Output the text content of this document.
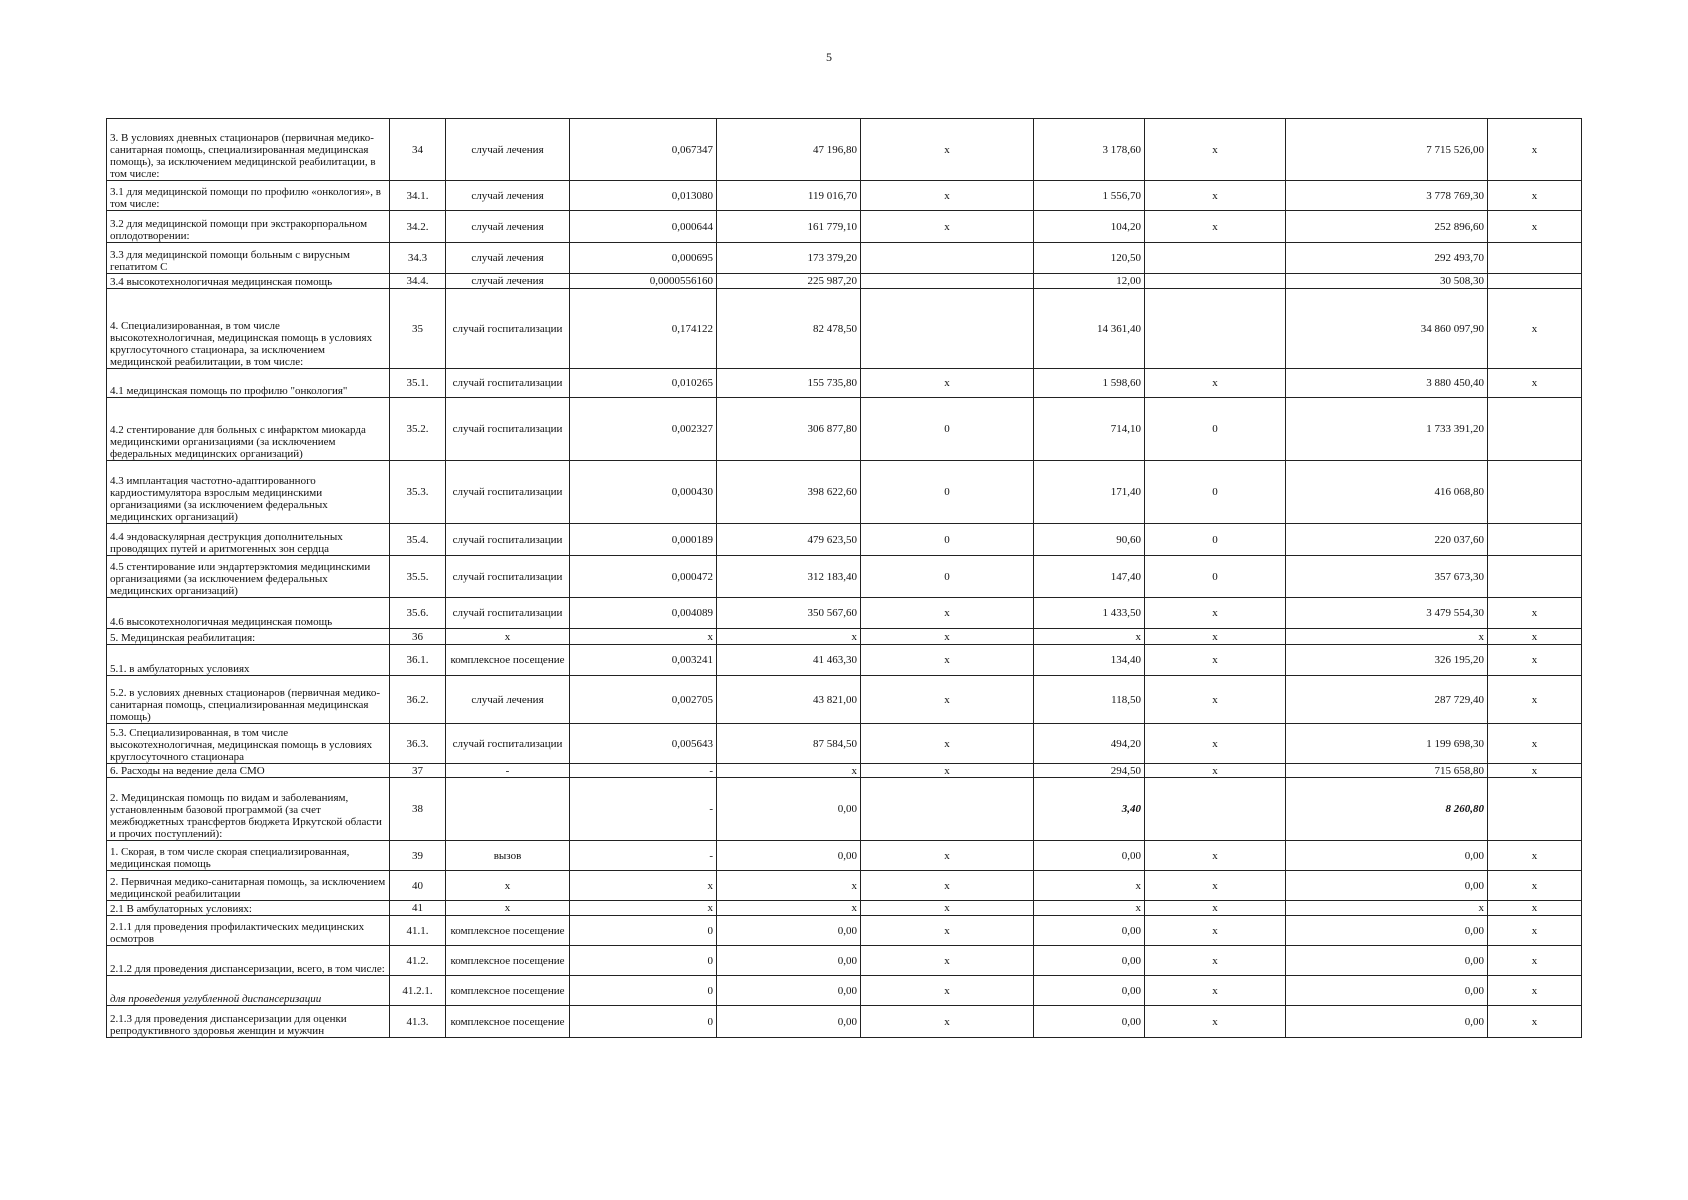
5
3. В условиях дневных стационаров (первичная медико-санитарная помощь, специализированная медицинская помощь), за исключением медицинской реабилитации, в том числе:	34	случай лечения	0,067347	47 196,80	х	3 178,60	х	7 715 526,00	х
3.1 для медицинской помощи по профилю «онкология», в том числе:	34.1.	случай лечения	0,013080	119 016,70	х	1 556,70	х	3 778 769,30	х
3.2 для медицинской помощи при экстракорпоральном оплодотворении:	34.2.	случай лечения	0,000644	161 779,10	х	104,20	х	252 896,60	х
3.3 для медицинской помощи больным с вирусным гепатитом С	34.3	случай лечения	0,000695	173 379,20		120,50		292 493,70	
3.4 высокотехнологичная медицинская помощь	34.4.	случай лечения	0,0000556160	225 987,20		12,00		30 508,30	
4. Специализированная, в том числе высокотехнологичная, медицинская помощь в условиях круглосуточного стационара, за исключением медицинской реабилитации, в том числе:	35	случай госпитализации	0,174122	82 478,50		14 361,40		34 860 097,90	х
4.1 медицинская помощь по профилю "онкология"	35.1.	случай госпитализации	0,010265	155 735,80	х	1 598,60	х	3 880 450,40	х
4.2 стентирование для больных с инфарктом миокарда медицинскими организациями (за исключением федеральных медицинских организаций)	35.2.	случай госпитализации	0,002327	306 877,80	0	714,10	0	1 733 391,20	
4.3 имплантация частотно-адаптированного кардиостимулятора взрослым медицинскими организациями (за исключением федеральных медицинских организаций)	35.3.	случай госпитализации	0,000430	398 622,60	0	171,40	0	416 068,80	
4.4 эндоваскулярная деструкция дополнительных проводящих путей и аритмогенных зон сердца	35.4.	случай госпитализации	0,000189	479 623,50	0	90,60	0	220 037,60	
4.5 стентирование или эндартерэктомия медицинскими организациями (за исключением федеральных медицинских организаций)	35.5.	случай госпитализации	0,000472	312 183,40	0	147,40	0	357 673,30	
4.6 высокотехнологичная медицинская помощь	35.6.	случай госпитализации	0,004089	350 567,60	х	1 433,50	х	3 479 554,30	х
5. Медицинская реабилитация:	36	х	х	х	х	х	х	х	х
5.1. в амбулаторных условиях	36.1.	комплексное посещение	0,003241	41 463,30	х	134,40	х	326 195,20	х
5.2. в условиях дневных стационаров (первичная медико-санитарная помощь, специализированная медицинская помощь)	36.2.	случай лечения	0,002705	43 821,00	х	118,50	х	287 729,40	х
5.3. Специализированная, в том числе высокотехнологичная, медицинская помощь в условиях круглосуточного стационара	36.3.	случай госпитализации	0,005643	87 584,50	х	494,20	х	1 199 698,30	х
6. Расходы на ведение дела СМО	37	-	-	х	х	294,50	х	715 658,80	х
2. Медицинская помощь по видам и заболеваниям, установленным базовой программой (за счет межбюджетных трансфертов бюджета Иркутской области и прочих поступлений):	38		-	0,00		3,40		8 260,80	
1. Скорая, в том числе скорая специализированная, медицинская помощь	39	вызов	-	0,00	х	0,00	х	0,00	х
2. Первичная медико-санитарная помощь, за исключением медицинской реабилитации	40	х	х	х	х	х	х	0,00	х
2.1 В амбулаторных условиях:	41	х	х	х	х	х	х	х	х
2.1.1 для проведения профилактических медицинских осмотров	41.1.	комплексное посещение	0	0,00	х	0,00	х	0,00	х
2.1.2 для проведения диспансеризации, всего, в том числе:	41.2.	комплексное посещение	0	0,00	х	0,00	х	0,00	х
для проведения углубленной диспансеризации	41.2.1.	комплексное посещение	0	0,00	х	0,00	х	0,00	х
2.1.3 для проведения диспансеризации для оценки репродуктивного здоровья женщин и мужчин	41.3.	комплексное посещение	0	0,00	х	0,00	х	0,00	х
